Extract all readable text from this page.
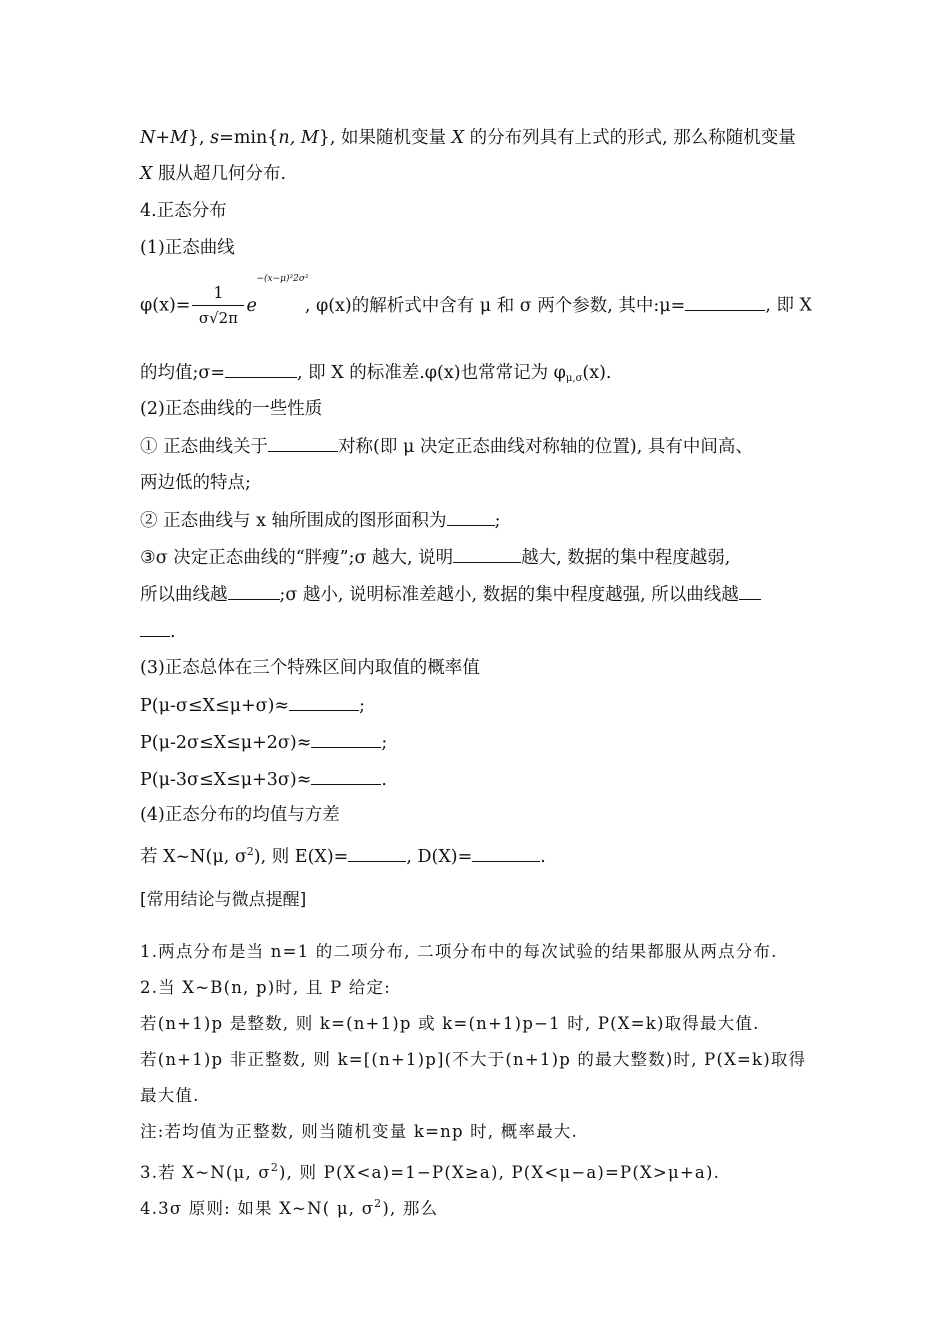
N+M}, s=min{n, M}, 如果随机变量 X 的分布列具有上式的形式, 那么称随机变量
X 服从超几何分布.
4.正态分布
(1)正态曲线
$\varphi(x)= \frac{1}{\sigma√2\pi}$ e
−(x−μ)²2σ²
, φ(x)的解析式中含有 μ 和 σ 两个参数, 其中:μ=	, 即 X
的均值;σ=	, 即 X 的标准差.φ(x)也常常记为 $\varphi_{\mu,\sigma}(x)$.
(2)正态曲线的一些性质
① 正态曲线关于	对称(即 μ 决定正态曲线对称轴的位置), 具有中间高、
两边低的特点;
② 正态曲线与 x 轴所围成的图形面积为	;
③σ 决定正态曲线的“胖瘦”;σ 越大, 说明	越大, 数据的集中程度越弱,
所以曲线越	;σ 越小, 说明标准差越小, 数据的集中程度越强, 所以曲线越
.
(3)正态总体在三个特殊区间内取值的概率值
P(μ-σ≤X≤μ+σ)≈	;
P(μ-2σ≤X≤μ+2σ)≈	;
P(μ-3σ≤X≤μ+3σ)≈	.
(4)正态分布的均值与方差
若 X~N(μ, $\sigma^2$), 则 E(X)=	, D(X)=	.
[常用结论与微点提醒]
1.两点分布是当 n=1 的二项分布, 二项分布中的每次试验的结果都服从两点分布.
2.当 X~B(n, p)时, 且 P 给定:
若(n+1)p 是整数, 则 k=(n+1)p 或 k=(n+1)p−1 时, P(X=k)取得最大值.
若(n+1)p 非正整数, 则 k=[(n+1)p](不大于(n+1)p 的最大整数)时, P(X=k)取得
最大值.
注:若均值为正整数, 则当随机变量 k=np 时, 概率最大.
3.若 X~N(μ, $\sigma^2$), 则 P(X<a)=1−P(X≥a), P(X<μ−a)=P(X>μ+a).
4.3σ 原则: 如果 X~N( μ, $\sigma^2$), 那么
